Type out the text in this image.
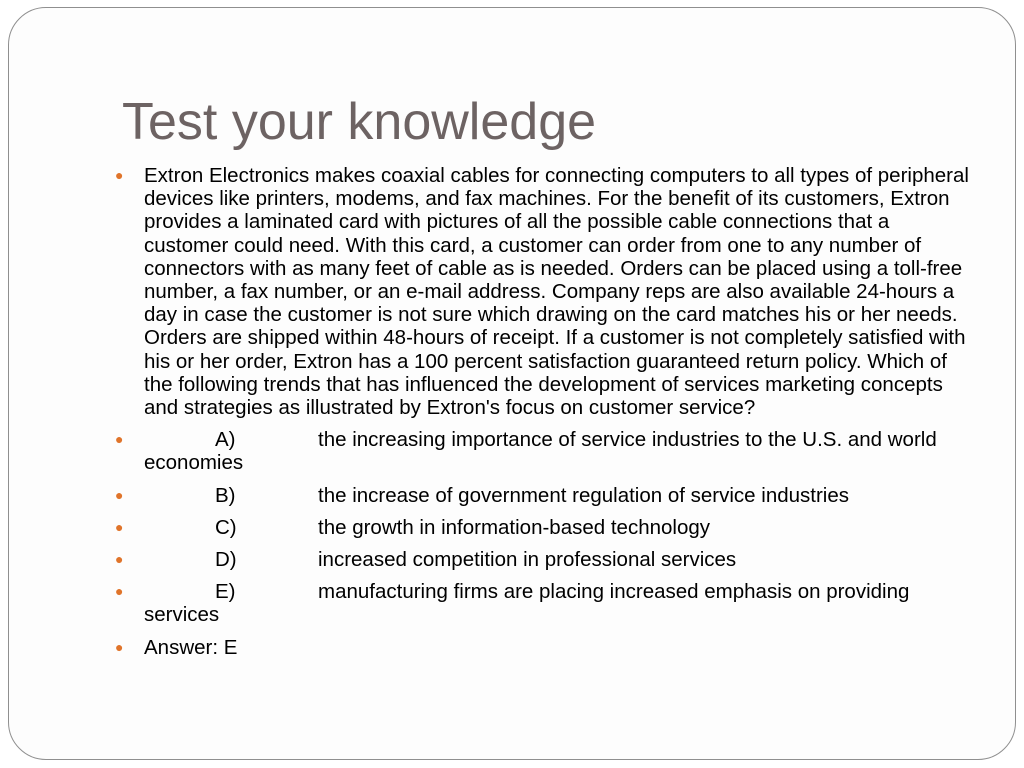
Test your knowledge
● Extron Electronics makes coaxial cables for connecting computers to all types of peripheral devices like printers, modems, and fax machines. For the benefit of its customers, Extron provides a laminated card with pictures of all the possible cable connections that a customer could need. With this card, a customer can order from one to any number of connectors with as many feet of cable as is needed. Orders can be placed using a toll-free number, a fax number, or an e-mail address. Company reps are also available 24-hours a day in case the customer is not sure which drawing on the card matches his or her needs. Orders are shipped within 48-hours of receipt. If a customer is not completely satisfied with his or her order, Extron has a 100 percent satisfaction guaranteed return policy. Which of the following trends that has influenced the development of services marketing concepts and strategies as illustrated by Extron's focus on customer service?
●	A)	the increasing importance of service industries to the U.S. and world economies
●	B)	the increase of government regulation of service industries
●	C)	the growth in information-based technology
●	D)	increased competition in professional services
●	E)	manufacturing firms are placing increased emphasis on providing services
● Answer: E
